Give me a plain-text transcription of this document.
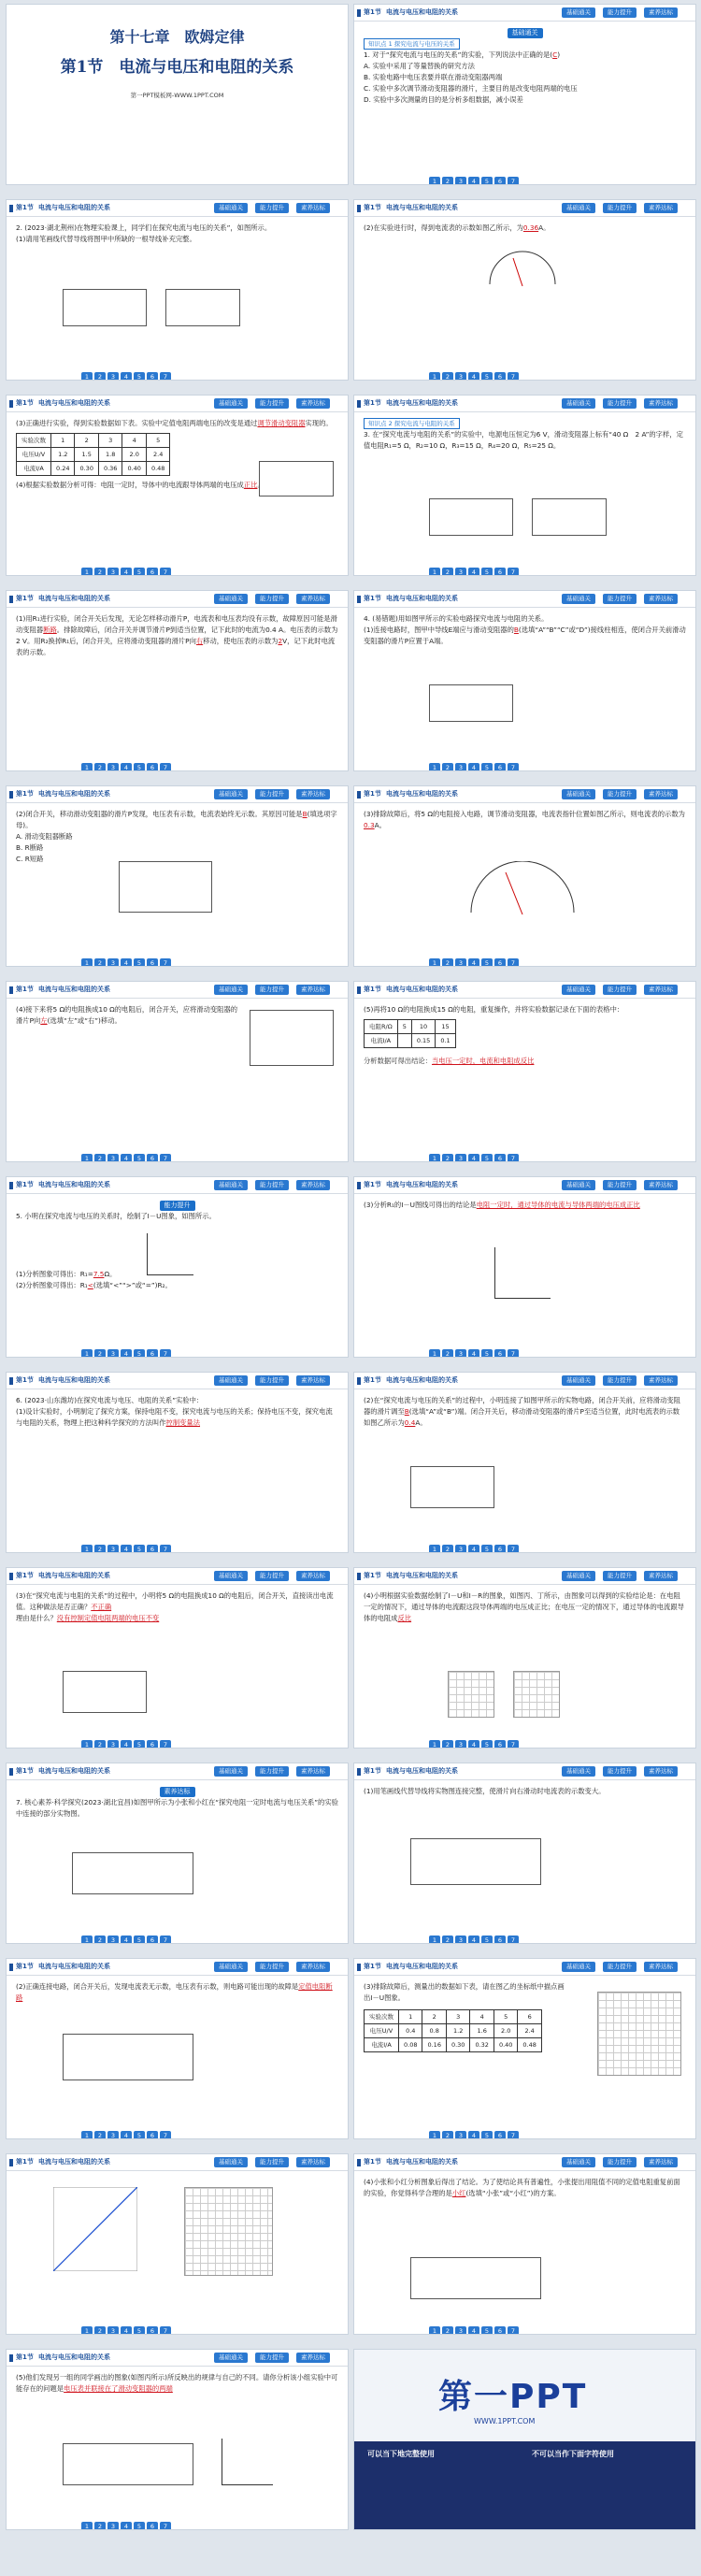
第十七章　欧姆定律
第1节　电流与电压和电阻的关系
第一PPT模板网-WWW.1PPT.COM
第1节 电流与电压和电阻的关系	基础通关	能力提升	素养达标
基础通关
知识点 1 探究电流与电压的关系
1. 对于“探究电流与电压的关系”的实验，下列说法中正确的是(C)
A. 实验中采用了等量替换的研究方法
B. 实验电路中电压表要并联在滑动变阻器两端
C. 实验中多次调节滑动变阻器的滑片，主要目的是改变电阻两端的电压
D. 实验中多次测量的目的是分析多组数据，减小误差
1 2 3 4 5 6 7
第1节 电流与电压和电阻的关系	基础通关	能力提升	素养达标
2. (2023·湖北荆州)在物理实验课上，同学们在探究电流与电压的关系”，如图所示。
(1)请用笔画线代替导线将图甲中所缺的一根导线补充完整。
1 2 3 4 5 6 7
第1节 电流与电压和电阻的关系	基础通关	能力提升	素养达标
(2)在实验进行时，得到电流表的示数如图乙所示，为0.36A。
1 2 3 4 5 6 7
第1节 电流与电压和电阻的关系	基础通关	能力提升	素养达标
(3)正确进行实验，得到实验数据如下表。实验中定值电阻两端电压的改变是通过调节滑动变阻器实现的。
实验次数	1	2	3	4	5
电压U/V	1.2	1.5	1.8	2.0	2.4
电流I/A	0.24	0.30	0.36	0.40	0.48
(4)根据实验数据分析可得：电阻一定时，导体中的电流跟导体两端的电压成正比。
1 2 3 4 5 6 7
第1节 电流与电压和电阻的关系	基础通关	能力提升	素养达标
知识点 2 探究电流与电阻的关系
3. 在“探究电流与电阻的关系”的实验中，电源电压恒定为6 V，滑动变阻器上标有“40 Ω　2 A”的字样，定值电阻R₁=5 Ω，R₂=10 Ω，R₃=15 Ω，R₄=20 Ω，R₅=25 Ω。
1 2 3 4 5 6 7
第1节 电流与电压和电阻的关系	基础通关	能力提升	素养达标
(1)用R₁进行实验，闭合开关后发现，无论怎样移动滑片P，电流表和电压表均没有示数，故障原因可能是滑动变阻器断路。排除故障后，闭合开关并调节滑片P到适当位置，记下此时的电流为0.4 A。电压表的示数为2 V。用R₂换掉R₁后，闭合开关，应将滑动变阻器的滑片P向右移动，使电压表的示数为2V，记下此时电流表的示数。
1 2 3 4 5 6 7
第1节 电流与电压和电阻的关系	基础通关	能力提升	素养达标
4. (易错题)用如图甲所示的实验电路探究电流与电阻的关系。
(1)连接电路时，图甲中导线E端应与滑动变阻器的B(选填“A”“B”“C”或“D”)接线柱相连，使闭合开关前滑动变阻器的滑片P应置于A端。
1 2 3 4 5 6 7
第1节 电流与电压和电阻的关系	基础通关	能力提升	素养达标
(2)闭合开关，移动滑动变阻器的滑片P发现，电压表有示数，电流表始终无示数。其原因可能是B(填选项字母)。
A. 滑动变阻器断路
B. R断路
C. R短路
1 2 3 4 5 6 7
第1节 电流与电压和电阻的关系	基础通关	能力提升	素养达标
(3)排除故障后，将5 Ω的电阻接入电路，调节滑动变阻器，电流表指针位置如图乙所示，则电流表的示数为0.3A。
1 2 3 4 5 6 7
第1节 电流与电压和电阻的关系	基础通关	能力提升	素养达标
(4)接下来将5 Ω的电阻换成10 Ω的电阻后，闭合开关，应将滑动变阻器的滑片P向左(选填“左”或“右”)移动。
1 2 3 4 5 6 7
第1节 电流与电压和电阻的关系	基础通关	能力提升	素养达标
(5)再将10 Ω的电阻换成15 Ω的电阻，重复操作，并将实验数据记录在下面的表格中：
电阻R/Ω	5	10	15
电流I/A		0.15	0.1
分析数据可得出结论：当电压一定时，电流和电阻成反比
1 2 3 4 5 6 7
第1节 电流与电压和电阻的关系	基础通关	能力提升	素养达标
能力提升
5. 小明在探究电流与电压的关系时，绘制了I－U图象，如图所示。
(1)分析图象可得出：R₁=7.5Ω。
(2)分析图象可得出：R₁<(选填“<”“>”或“=”)R₂。
1 2 3 4 5 6 7
第1节 电流与电压和电阻的关系	基础通关	能力提升	素养达标
(3)分析R₁的I－U图线可得出的结论是电阻一定时，通过导体的电流与导体两端的电压成正比
1 2 3 4 5 6 7
第1节 电流与电压和电阻的关系	基础通关	能力提升	素养达标
6. (2023·山东潍坊)在探究电流与电压、电阻的关系”实验中：
(1)设计实验时，小明制定了探究方案，保持电阻不变，探究电流与电压的关系；保持电压不变，探究电流与电阻的关系，物理上把这种科学探究的方法叫作控制变量法
1 2 3 4 5 6 7
第1节 电流与电压和电阻的关系	基础通关	能力提升	素养达标
(2)在“探究电流与电压的关系”的过程中，小明连接了如图甲所示的实物电路，闭合开关前，应将滑动变阻器的滑片调至B(选填“A”或“B”)端。闭合开关后，移动滑动变阻器的滑片P至适当位置，此时电流表的示数如图乙所示为0.4A。
1 2 3 4 5 6 7
第1节 电流与电压和电阻的关系	基础通关	能力提升	素养达标
(3)在“探究电流与电阻的关系”的过程中，小明将5 Ω的电阻换成10 Ω的电阻后，闭合开关，直接读出电流值。这种做法是否正确？不正确
理由是什么？没有控制定值电阻两端的电压不变
1 2 3 4 5 6 7
第1节 电流与电压和电阻的关系	基础通关	能力提升	素养达标
(4)小明根据实验数据绘制了I－U和I－R的图象，如图丙、丁所示，由图象可以得到的实验结论是：在电阻一定的情况下，通过导体的电流跟这段导体两端的电压成正比；在电压一定的情况下，通过导体的电流跟导体的电阻成反比
1 2 3 4 5 6 7
第1节 电流与电压和电阻的关系	基础通关	能力提升	素养达标
素养达标
7. 核心素养·科学探究(2023·湖北宜昌)如图甲所示为小张和小红在“探究电阻一定时电流与电压关系”的实验中连接的部分实物图。
1 2 3 4 5 6 7
第1节 电流与电压和电阻的关系	基础通关	能力提升	素养达标
(1)用笔画线代替导线将实物图连接完整，使滑片向右滑动时电流表的示数变大。
1 2 3 4 5 6 7
第1节 电流与电压和电阻的关系	基础通关	能力提升	素养达标
(2)正确连接电路，闭合开关后，发现电流表无示数，电压表有示数，则电路可能出现的故障是定值电阻断路
1 2 3 4 5 6 7
第1节 电流与电压和电阻的关系	基础通关	能力提升	素养达标
(3)排除故障后，测量出的数据如下表，请在图乙的坐标纸中描点画出I－U图象。
实验次数	1	2	3	4	5	6
电压U/V	0.4	0.8	1.2	1.6	2.0	2.4
电流I/A	0.08	0.16	0.30	0.32	0.40	0.48
1 2 3 4 5 6 7
第1节 电流与电压和电阻的关系	基础通关	能力提升	素养达标
1 2 3 4 5 6 7
第1节 电流与电压和电阻的关系	基础通关	能力提升	素养达标
(4)小张和小红分析图象后得出了结论。为了使结论具有普遍性，小张提出用阻值不同的定值电阻重复前面的实验，你觉得科学合理的是小红(选填“小张”或“小红”)的方案。
1 2 3 4 5 6 7
第1节 电流与电压和电阻的关系	基础通关	能力提升	素养达标
(5)他们发现另一组的同学画出的图象(如图丙所示)所反映出的规律与自己的不同。请你分析该小组实验中可能存在的问题是电压表并联接在了滑动变阻器的两端
1 2 3 4 5 6 7
第一PPT
WWW.1PPT.COM
可以当下地完整使用	不可以当作下面字符使用
